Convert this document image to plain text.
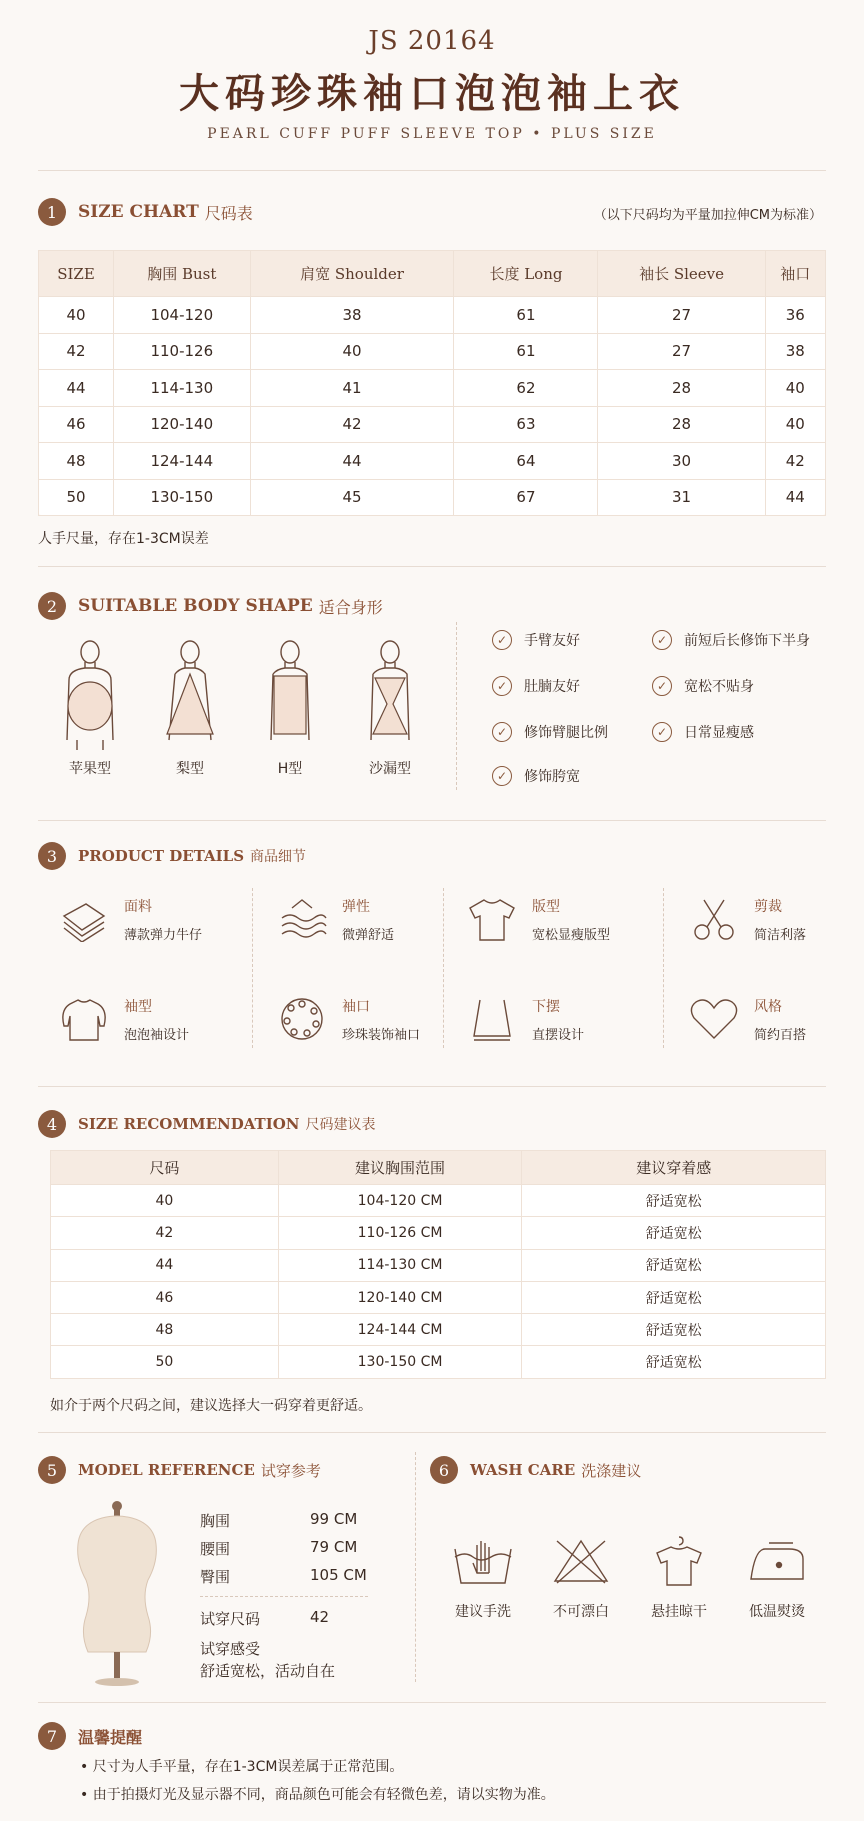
JS 20164
大码珍珠袖口泡泡袖上衣
PEARL CUFF PUFF SLEEVE TOP • PLUS SIZE
1	SIZE CHART 尺码表	（以下尺码均为平量加拉伸CM为标准）
SIZE	胸围 Bust	肩宽 Shoulder	长度 Long	袖长 Sleeve	袖口
40	104-120	38	61	27	36
42	110-126	40	61	27	38
44	114-130	41	62	28	40
46	120-140	42	63	28	40
48	124-144	44	64	30	42
50	130-150	45	67	31	44
人手尺量，存在1-3CM误差
2	SUITABLE BODY SHAPE 适合身形
苹果型	梨型	H型	沙漏型
✓	手臂友好	✓	前短后长修饰下半身
✓	肚腩友好	✓	宽松不贴身
✓	修饰臂腿比例	✓	日常显瘦感
✓	修饰胯宽
3	PRODUCT DETAILS 商品细节
面料
薄款弹力牛仔
弹性
微弹舒适
版型
宽松显瘦版型
剪裁
简洁利落
袖型
泡泡袖设计
袖口
珍珠装饰袖口
下摆
直摆设计
风格
简约百搭
4	SIZE RECOMMENDATION 尺码建议表
尺码	建议胸围范围	建议穿着感
40	104-120 CM	舒适宽松
42	110-126 CM	舒适宽松
44	114-130 CM	舒适宽松
46	120-140 CM	舒适宽松
48	124-144 CM	舒适宽松
50	130-150 CM	舒适宽松
如介于两个尺码之间，建议选择大一码穿着更舒适。
5	MODEL REFERENCE 试穿参考
胸围	99 CM
腰围	79 CM
臀围	105 CM
试穿尺码	42
试穿感受
舒适宽松，活动自在
6	WASH CARE 洗涤建议
建议手洗	不可漂白	悬挂晾干	低温熨烫
7	温馨提醒
• 尺寸为人手平量，存在1-3CM误差属于正常范围。
• 由于拍摄灯光及显示器不同，商品颜色可能会有轻微色差，请以实物为准。
